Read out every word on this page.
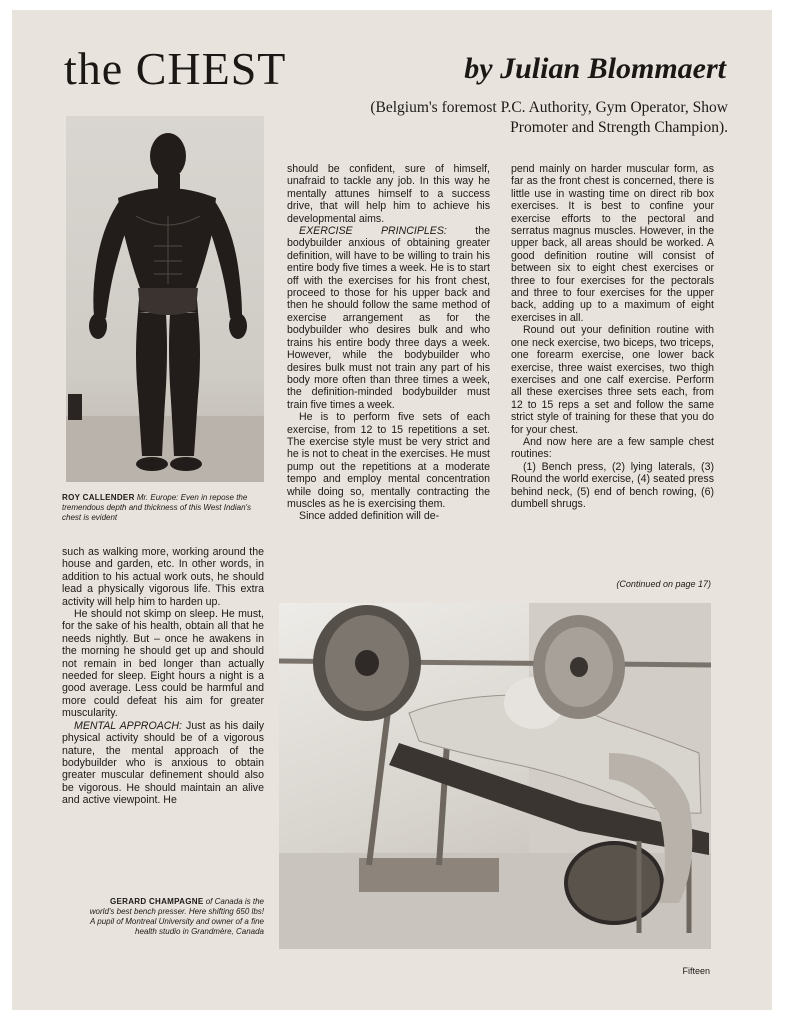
the CHEST	by Julian Blommaert
(Belgium's foremost P.C. Authority, Gym Operator, Show Promoter and Strength Champion).
ROY CALLENDER Mr. Europe: Even in repose the tremendous depth and thickness of this West Indian's chest is evident
GERARD CHAMPAGNE of Canada is the world's best bench presser. Here shifting 650 lbs! A pupil of Montreal University and owner of a fine health studio in Grandmère, Canada

such as walking more, working around the house and garden, etc. In other words, in addition to his actual work outs, he should lead a physically vigorous life. This extra activity will help him to harden up.

He should not skimp on sleep. He must, for the sake of his health, obtain all that he needs nightly. But – once he awakens in the morning he should get up and should not remain in bed longer than actually needed for sleep. Eight hours a night is a good average. Less could be harmful and more could defeat his aim for greater muscularity.

MENTAL APPROACH: Just as his daily physical activity should be of a vigorous nature, the mental approach of the bodybuilder who is anxious to obtain greater muscular definement should also be vigorous. He should maintain an alive and active viewpoint. He

should be confident, sure of himself, unafraid to tackle any job. In this way he mentally attunes himself to a success drive, that will help him to achieve his developmental aims.

EXERCISE PRINCIPLES:	the bodybuilder anxious of obtaining greater definition, will have to be willing to train his entire body five times a week. He is to start off with the exercises for his front chest, proceed to those for his upper back and then he should follow the same method of exercise arrangement as for the bodybuilder who desires bulk and who trains his entire body three days a week. However, while the bodybuilder who desires bulk must not train any part of his body more often than three times a week, the definition-minded bodybuilder must train five times a week.

He is to perform five sets of each exercise, from 12 to 15 repetitions a set. The exercise style must be very strict and he is not to cheat in the exercises. He must pump out the repetitions at a moderate tempo and employ mental concentration while doing so, mentally contracting the muscles as he is exercising them.

Since added definition will de-

pend mainly on harder muscular form, as far as the front chest is concerned, there is little use in wasting time on direct rib box exercises. It is best to confine your exercise efforts to the pectoral and serratus magnus muscles. However, in the upper back, all areas should be worked. A good definition routine will consist of between six to eight chest exercises or three to four exercises for the pectorals and three to four exercises for the upper back, adding up to a maximum of eight exercises in all.

Round out your definition routine with one neck exercise, two biceps, two triceps, one forearm exercise, one lower back exercise, three waist exercises, two thigh exercises and one calf exercise. Perform all these exercises three sets each, from 12 to 15 reps a set and follow the same strict style of training for these that you do for your chest.

And now here are a few sample chest routines:

(1) Bench press, (2) lying laterals, (3) Round the world exercise, (4) seated press behind neck, (5) end of bench rowing, (6) dumbell shrugs.

(Continued on page 17)
Fifteen
